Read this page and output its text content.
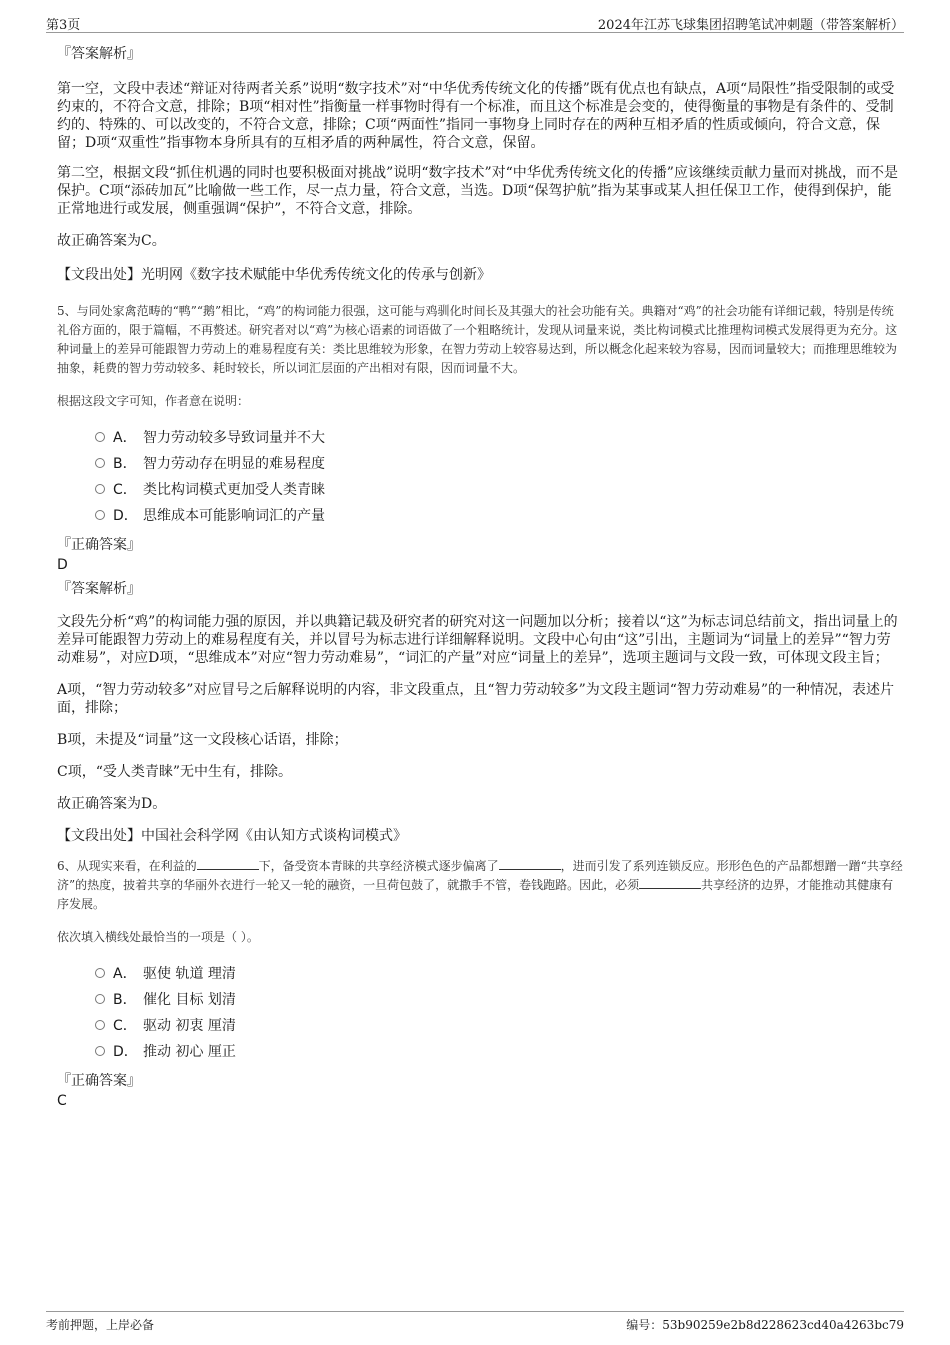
第3页	2024年江苏飞球集团招聘笔试冲刺题（带答案解析）
『答案解析』

第一空，文段中表述“辩证对待两者关系”说明“数字技术”对“中华优秀传统文化的传播”既有优点也有缺点，A项“局限性”指受限制的或受约束的，不符合文意，排除；B项“相对性”指衡量一样事物时得有一个标准，而且这个标准是会变的，使得衡量的事物是有条件的、受制约的、特殊的、可以改变的，不符合文意，排除；C项“两面性”指同一事物身上同时存在的两种互相矛盾的性质或倾向，符合文意，保留；D项“双重性”指事物本身所具有的互相矛盾的两种属性，符合文意，保留。

第二空，根据文段“抓住机遇的同时也要积极面对挑战”说明“数字技术”对“中华优秀传统文化的传播”应该继续贡献力量而对挑战，而不是保护。C项“添砖加瓦”比喻做一些工作，尽一点力量，符合文意，当选。D项“保驾护航”指为某事或某人担任保卫工作，使得到保护，能正常地进行或发展，侧重强调“保护”，不符合文意，排除。

故正确答案为C。

【文段出处】光明网《数字技术赋能中华优秀传统文化的传承与创新》

5、与同处家禽范畴的“鸭”“鹅”相比，“鸡”的构词能力很强，这可能与鸡驯化时间长及其强大的社会功能有关。典籍对“鸡”的社会功能有详细记载，特别是传统礼俗方面的，限于篇幅，不再赘述。研究者对以“鸡”为核心语素的词语做了一个粗略统计，发现从词量来说，类比构词模式比推理构词模式发展得更为充分。这种词量上的差异可能跟智力劳动上的难易程度有关：类比思维较为形象，在智力劳动上较容易达到，所以概念化起来较为容易，因而词量较大；而推理思维较为抽象，耗费的智力劳动较多、耗时较长，所以词汇层面的产出相对有限，因而词量不大。

根据这段文字可知，作者意在说明：

A． 智力劳动较多导致词量并不大
B． 智力劳动存在明显的难易程度
C． 类比构词模式更加受人类青睐
D． 思维成本可能影响词汇的产量
『正确答案』
D
『答案解析』

文段先分析“鸡”的构词能力强的原因，并以典籍记载及研究者的研究对这一问题加以分析；接着以“这”为标志词总结前文，指出词量上的差异可能跟智力劳动上的难易程度有关，并以冒号为标志进行详细解释说明。文段中心句由“这”引出，主题词为“词量上的差异”“智力劳动难易”，对应D项，“思维成本”对应“智力劳动难易”，“词汇的产量”对应“词量上的差异”，选项主题词与文段一致，可体现文段主旨；

A项，“智力劳动较多”对应冒号之后解释说明的内容，非文段重点，且“智力劳动较多”为文段主题词“智力劳动难易”的一种情况，表述片面，排除；

B项，未提及“词量”这一文段核心话语，排除；

C项，“受人类青睐”无中生有，排除。

故正确答案为D。

【文段出处】中国社会科学网《由认知方式谈构词模式》

6、从现实来看，在利益的	下，备受资本青睐的共享经济模式逐步偏离了	，进而引发了系列连锁反应。形形色色的产品都想蹭一蹭“共享经济”的热度，披着共享的华丽外衣进行一轮又一轮的融资，一旦荷包鼓了，就撒手不管，卷钱跑路。因此，必须	共享经济的边界，才能推动其健康有序发展。

依次填入横线处最恰当的一项是（ ）。

A． 驱使 轨道 理清
B． 催化 目标 划清
C． 驱动 初衷 厘清
D． 推动 初心 厘正
『正确答案』
C
考前押题，上岸必备	编号：53b90259e2b8d228623cd40a4263bc79
